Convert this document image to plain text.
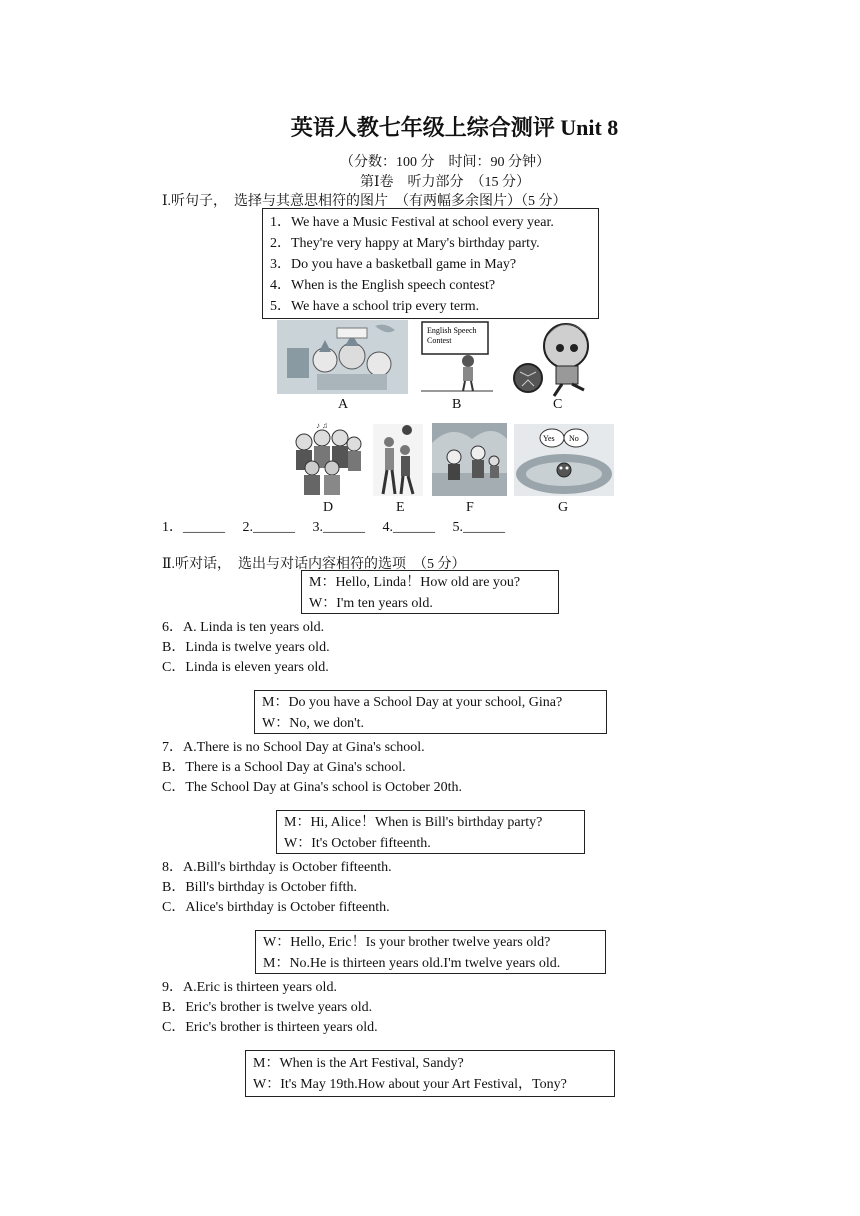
英语人教七年级上综合测评 Unit 8
（分数：100 分　时间：90 分钟）
第Ⅰ卷　听力部分　（15 分）
Ⅰ.听句子，　选择与其意思相符的图片　（有两幅多余图片）（5 分）
1．We have a Music Festival at school every year.
2．They're very happy at Mary's birthday party.
3．Do you have a basketball game in May?
4．When is the English speech contest?
5．We have a school trip every term.
A
English Speech
Contest
B	C
♪ ♫
D	E	F
Yes No
G
1．______　 2.______　 3.______　 4.______　 5.______
Ⅱ.听对话，　选出与对话内容相符的选项　（5 分）
M：Hello, Linda！How old are you?
W：I'm ten years old.
6．A. Linda is ten years old.
B．Linda is twelve years old.
C．Linda is eleven years old.
M：Do you have a School Day at your school, Gina?
W：No, we don't.
7．A.There is no School Day at Gina's school.
B．There is a School Day at Gina's school.
C．The School Day at Gina's school is October 20th.
M：Hi, Alice！When is Bill's birthday party?
W：It's October fifteenth.
8．A.Bill's birthday is October fifteenth.
B．Bill's birthday is October fifth.
C．Alice's birthday is October fifteenth.
W：Hello, Eric！Is your brother twelve years old?
M：No.He is thirteen years old.I'm twelve years old.
9．A.Eric is thirteen years old.
B．Eric's brother is twelve years old.
C．Eric's brother is thirteen years old.
M：When is the Art Festival, Sandy?
W：It's May 19th.How about your Art Festival，Tony?
